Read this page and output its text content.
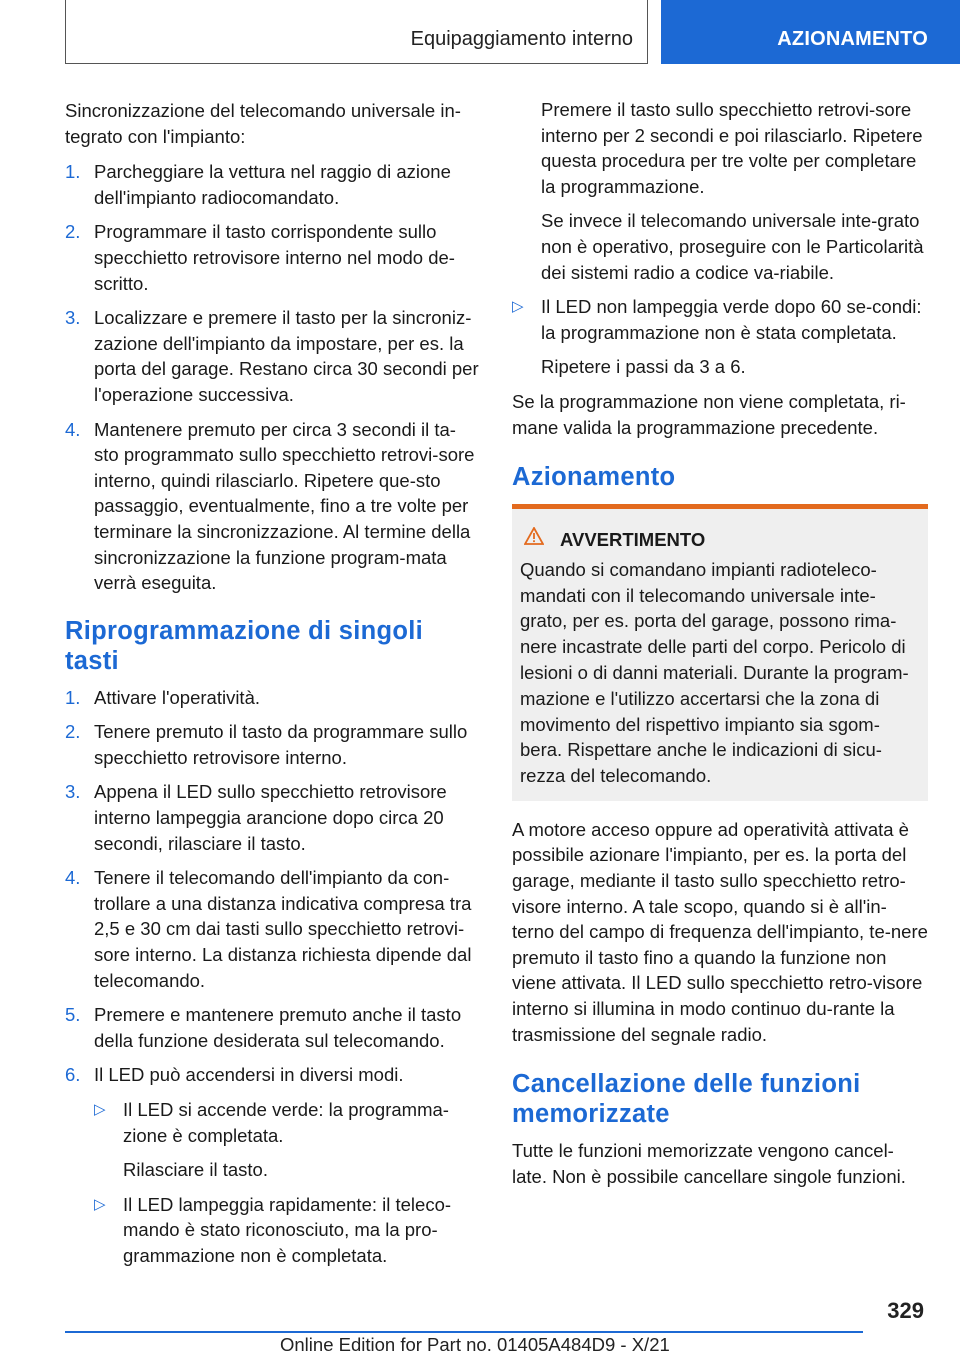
Equipaggiamento interno	AZIONAMENTO

Sincronizzazione del telecomando universale in-tegrato con l'impianto:

1. Parcheggiare la vettura nel raggio di azione dell'impianto radiocomandato.
2. Programmare il tasto corrispondente sullo specchietto retrovisore interno nel modo de-scritto.
3. Localizzare e premere il tasto per la sincroniz-zazione dell'impianto da impostare, per es. la porta del garage. Restano circa 30 secondi per l'operazione successiva.
4. Mantenere premuto per circa 3 secondi il ta-sto programmato sullo specchietto retrovi-sore interno, quindi rilasciarlo. Ripetere que-sto passaggio, eventualmente, fino a tre volte per terminare la sincronizzazione. Al termine della sincronizzazione la funzione program-mata verrà eseguita.
Riprogrammazione di singoli tasti
1. Attivare l'operatività.
2. Tenere premuto il tasto da programmare sullo specchietto retrovisore interno.
3. Appena il LED sullo specchietto retrovisore interno lampeggia arancione dopo circa 20 secondi, rilasciare il tasto.
4. Tenere il telecomando dell'impianto da con-trollare a una distanza indicativa compresa tra 2,5 e 30 cm dai tasti sullo specchietto retrovi-sore interno. La distanza richiesta dipende dal telecomando.
5. Premere e mantenere premuto anche il tasto della funzione desiderata sul telecomando.
6. Il LED può accendersi in diversi modi.
▷ Il LED si accende verde: la programma-zione è completata.
Rilasciare il tasto.
▷ Il LED lampeggia rapidamente: il teleco-mando è stato riconosciuto, ma la pro-grammazione non è completata.
Premere il tasto sullo specchietto retrovi-sore interno per 2 secondi e poi rilasciarlo. Ripetere questa procedura per tre volte per completare la programmazione.
Se invece il telecomando universale inte-grato non è operativo, proseguire con le Particolarità dei sistemi radio a codice va-riabile.
▷ Il LED non lampeggia verde dopo 60 se-condi: la programmazione non è stata completata.
Ripetere i passi da 3 a 6.

Se la programmazione non viene completata, ri-mane valida la programmazione precedente.

Azionamento
AVVERTIMENTO
Quando si comandano impianti radioteleco-mandati con il telecomando universale inte-grato, per es. porta del garage, possono rima-nere incastrate delle parti del corpo. Pericolo di lesioni o di danni materiali. Durante la program-mazione e l'utilizzo accertarsi che la zona di movimento del rispettivo impianto sia sgom-bera. Rispettare anche le indicazioni di sicu-rezza del telecomando.

A motore acceso oppure ad operatività attivata è possibile azionare l'impianto, per es. la porta del garage, mediante il tasto sullo specchietto retro-visore interno. A tale scopo, quando si è all'in-terno del campo di frequenza dell'impianto, te-nere premuto il tasto fino a quando la funzione non viene attivata. Il LED sullo specchietto retro-visore interno si illumina in modo continuo du-rante la trasmissione del segnale radio.

Cancellazione delle funzioni memorizzate

Tutte le funzioni memorizzate vengono cancel-late. Non è possibile cancellare singole funzioni.

329
Online Edition for Part no. 01405A484D9 - X/21
